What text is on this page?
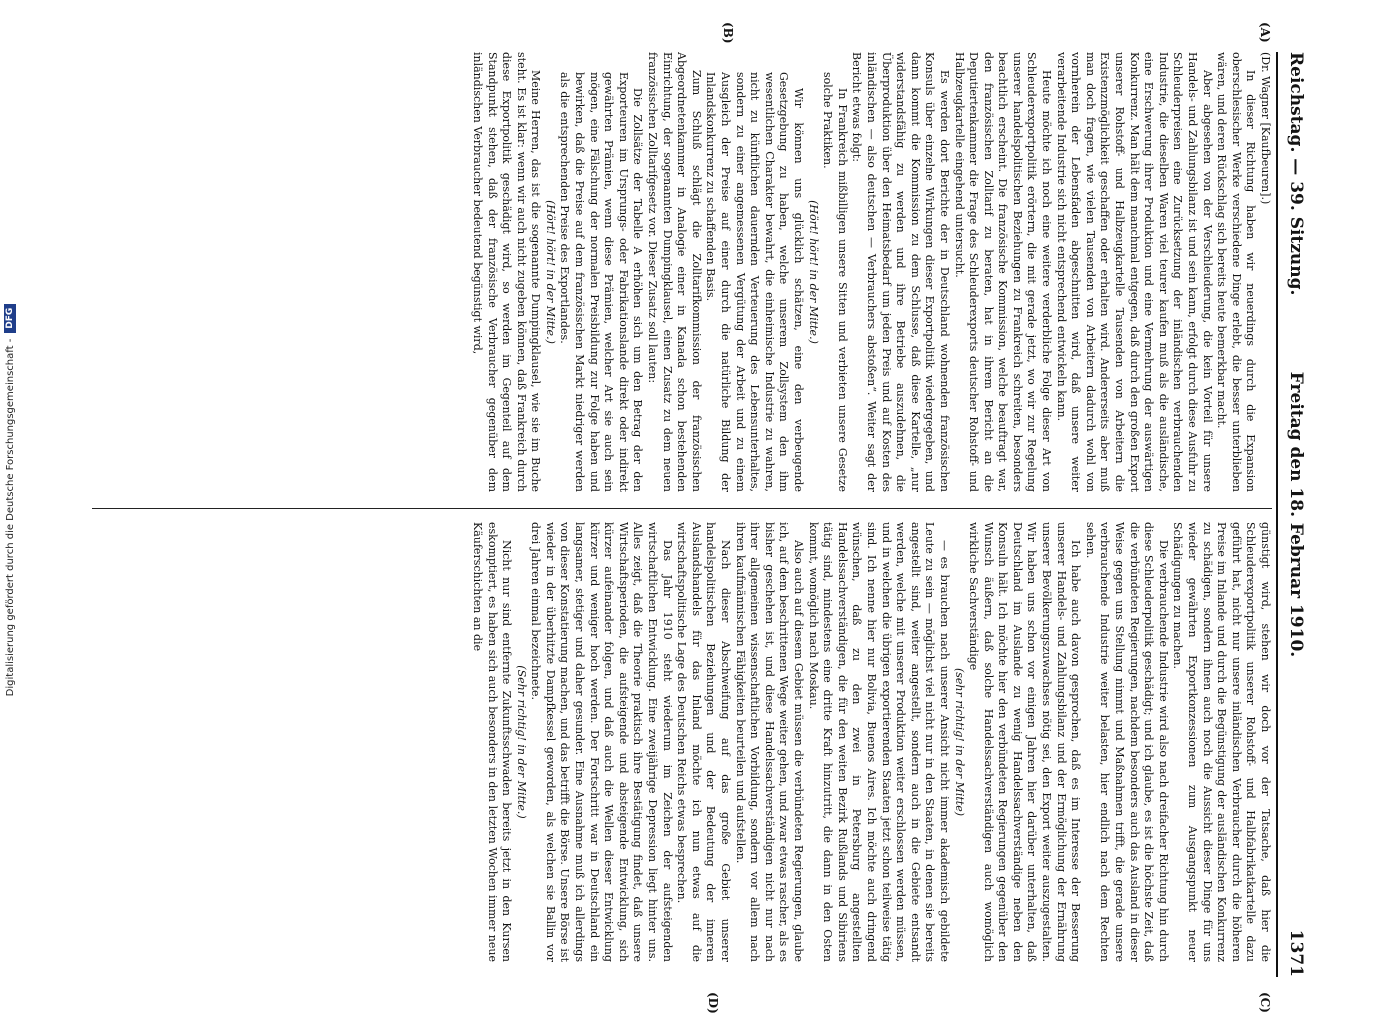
Digitalisierung gefördert durch die Deutsche Forschungsgemeinschaft -
DFG
Reichstag. — 39. Sitzung.
Freitag den 18. Februar 1910.
1371
(A)
(B)
(C)
(D)

(Dr. Wagner [Kaufbeuren].)

In dieser Richtung haben wir neuerdings durch die Expansion oberschlesischer Werke verschiedene Dinge erlebt, die besser unterblieben wären, und deren Rückschlag sich bereits heute bemerkbar macht.

Aber abgesehen von der Verschleuderung, die kein Vorteil für unsere Handels- und Zahlungsbilanz ist und sein kann, erfolgt durch diese Ausfuhr zu Schleuderpreisen eine Zurücksetzung der inländischen verbrauchenden Industrie, die dieselben Waren viel teurer kaufen muß als die ausländische, eine Erschwerung ihrer Produktion und eine Vermehrung der auswärtigen Konkurrenz. Man hält dem manchmal entgegen, daß durch den großen Export unserer Rohstoff- und Halbzeugkartelle Tausenden von Arbeitern die Existenzmöglichkeit geschaffen oder erhalten wird. Andererseits aber muß man doch fragen, wie vielen Tausenden von Arbeitern dadurch wohl von vornherein der Lebensfaden abgeschnitten wird, daß unsere weiter verarbeitende Industrie sich nicht entsprechend entwickeln kann.

Heute möchte ich noch eine weitere verderbliche Folge dieser Art von Schleuderexportpolitik erörtern, die mit gerade jetzt, wo wir zur Regelung unserer handelspolitischen Beziehungen zu Frankreich schreiten, besonders beachtlich erscheint. Die französische Kommission, welche beauftragt war, den französischen Zolltarif zu beraten, hat in ihrem Bericht an die Deputiertenkammer die Frage des Schleuderexports deutscher Rohstoff- und Halbzeugkartelle eingehend untersucht.

Es werden dort Berichte der in Deutschland wohnenden französischen Konsuls über einzelne Wirkungen dieser Exportpolitik wiedergegeben, und dann kommt die Kommission zu dem Schlusse, daß diese Kartelle, „nur widerstandsfähig zu werden und ihre Betriebe auszudehnen, die Überproduktion über den Heimatsbedarf um jeden Preis und auf Kosten des inländischen — also deutschen — Verbrauchers abstoßen“. Weiter sagt der Bericht etwas folgt:

In Frankreich mißbilligen unsere Sitten und verbieten unsere Gesetze solche Praktiken.

(Hört! hört! in der Mitte.)

Wir können uns glücklich schätzen, eine den verbeugende Gesetzgebung zu haben, welche unserem Zollsystem den ihm wesentlichen Charakter bewahrt, die einheimische Industrie zu wahren, nicht zu künftlichen dauernden Verteuerung des Lebensunterhaltes, sondern zu einer angemessenen Vergütung der Arbeit und zu einem Ausgleich der Preise auf einer durch die natürliche Bildung der Inlandskonkurrenz zu schaffenden Basis.

Zum Schluß schlägt die Zolltarifkommission der französischen Abgeordnetenkammer in Analogie einer in Kanada schon bestehenden Einrichtung, der sogenannten Dumpingklausel, einen Zusatz zu dem neuen französischen Zolltarifgesetz vor. Dieser Zusatz soll lauten:

Die Zollsätze der Tabelle A erhöhen sich um den Betrag der den Exporteuren im Ursprungs- oder Fabrikationslande direkt oder indirekt gewährten Prämien, wenn diese Prämien, welcher Art sie auch sein mögen, eine Fälschung der normalen Preisbildung zur Folge haben und bewirken, daß die Preise auf dem französischen Markt niedriger werden als die entsprechenden Preise des Exportlandes.

(Hört! hört! in der Mitte.)

Meine Herren, das ist die sogenannte Dumpingklausel, wie sie im Buche steht. Es ist klar: wenn wir auch nicht zugeben können, daß Frankreich durch diese Exportpolitik geschädigt wird, so werden im Gegenteil auf dem Standpunkt stehen, daß der französische Verbraucher gegenüber dem inländischen Verbraucher bedeutend begünstigt wird,

günstigt wird, stehen wir doch vor der Tatsache, daß hier die Schleuderexportpolitik unserer Rohstoff- und Halbfabrikatkartelle dazu geführt hat, nicht nur unsere inländischen Verbraucher durch die höheren Preise im Inlande und durch die Begünstigung der ausländischen Konkurrenz zu schädigen, sondern ihnen auch noch die Aussicht dieser Dinge für uns wieder gewährten Exportkonzessionen zum Ausgangspunkt neuer Schädigungen zu machen.

Die verbrauchende Industrie wird also nach dreifacher Richtung hin durch diese Schleuderpolitik geschädigt; und ich glaube, es ist die höchste Zeit, daß die verbündeten Regierungen, nachdem besonders auch das Ausland in dieser Weise gegen uns Stellung nimmt und Maßnahmen trifft, die gerade unsere verbrauchende Industrie weiter belasten, hier endlich nach dem Rechten sehen.

Ich habe auch davon gesprochen, daß es im Interesse der Besserung unserer Handels- und Zahlungsbilanz und der Ermöglichung der Ernährung unserer Bevölkerungszuwachses nötig sei, den Export weiter auszugestalten. Wir haben uns schon vor einigen Jahren hier darüber unterhalten, daß Deutschland im Auslande zu wenig Handelssachverständige neben den Konsuln hält. Ich möchte hier den verbündeten Regierungen gegenüber den Wunsch äußern, daß solche Handelssachverständigen auch womöglich wirkliche Sachverständige

(sehr richtig! in der Mitte)

— es brauchen nach unserer Ansicht nicht immer akademisch gebildete Leute zu sein — möglichst viel nicht nur in den Staaten, in denen sie bereits angestellt sind, weiter angestellt, sondern auch in die Gebiete entsandt werden, welche mit unserer Produktion weiter erschlossen werden müssen, und in welchen die übrigen exportierenden Staaten jetzt schon teilweise tätig sind. Ich nenne hier nur Bolivia, Buenos Aires. Ich möchte auch dringend wünschen, daß zu den zwei in Petersburg angestellten Handelssachverständigen, die für den weiten Bezirk Rußlands und Sibiriens tätig sind, mindestens eine dritte Kraft hinzutritt, die dann in den Osten kommt, womöglich nach Moskau.

Also auch auf diesem Gebiet müssen die verbündeten Regierungen, glaube ich, auf dem beschrittenen Wege weiter gehen, und zwar etwas rascher, als es bisher geschehen ist, und diese Handelssachverständigen nicht nur nach ihrer allgemeinen wissenschaftlichen Vorbildung, sondern vor allem nach ihren kaufmännischen Fähigkeiten beurteilen und aufstellen.

Nach dieser Abschweifung auf das große Gebiet unserer handelspolitischen Beziehungen und der Bedeutung der inneren Auslandshandels für das Inland möchte ich nun etwas auf die wirtschaftspolitische Lage des Deutschen Reichs etwas besprechen.

Das Jahr 1910 steht wiederum im Zeichen der aufsteigenden wirtschaftlichen Entwicklung. Eine zweijährige Depression liegt hinter uns. Alles zeigt, daß die Theorie praktisch ihre Bestätigung findet, daß unsere Wirtschaftsperioden, die aufsteigende und absteigende Entwicklung, sich kürzer aufeinander folgen, und daß auch die Wellen dieser Entwicklung kürzer und weniger hoch werden. Der Fortschritt war in Deutschland ein langsamer, stetiger und daher gesunder. Eine Ausnahme muß ich allerdings von dieser Konstatierung machen, und das betrifft die Börse. Unsere Börse ist wieder in der überhitzte Dampfkessel geworden, als welchen sie Ballin vor drei Jahren einmal bezeichnete.

(Sehr richtig! in der Mitte.)

Nicht nur sind entfernte Zukunftsschwaden bereits jetzt in den Kursen eskomptiert, es haben sich auch besonders in den letzten Wochen immer neue Käuferschichten an die
